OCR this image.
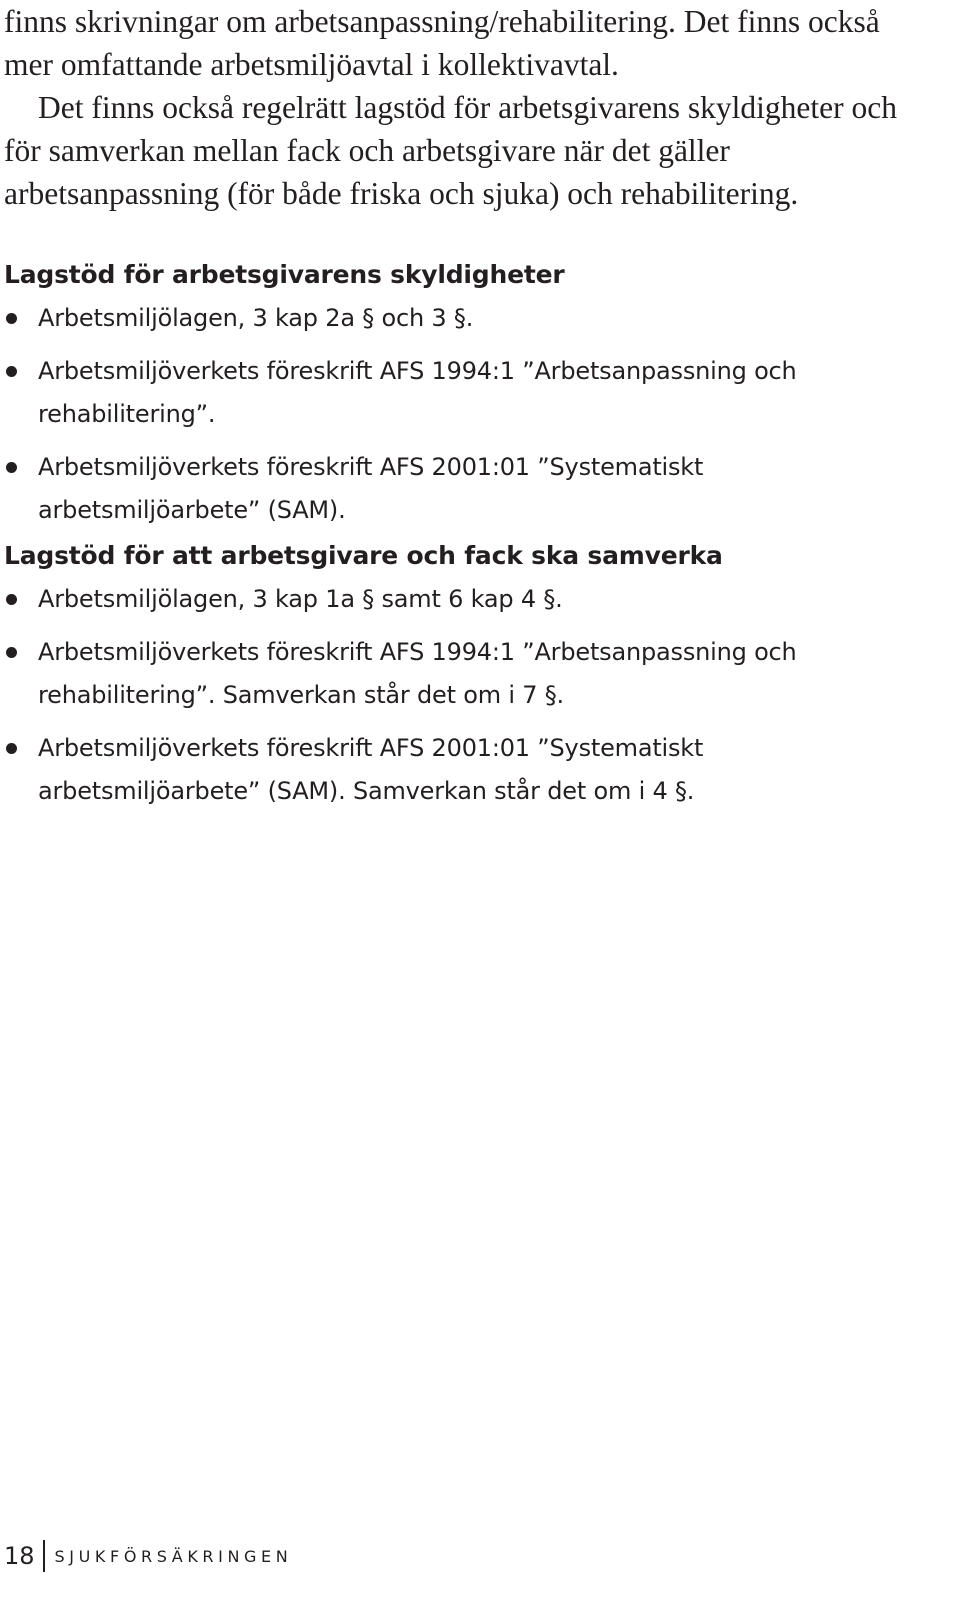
finns skrivningar om arbetsanpassning/rehabilitering. Det finns också mer omfattande arbetsmiljöavtal i kollektivavtal.

Det finns också regelrätt lagstöd för arbetsgivarens skyldigheter och för samverkan mellan fack och arbetsgivare när det gäller arbetsanpassning (för både friska och sjuka) och rehabilitering.

Lagstöd för arbetsgivarens skyldigheter
Arbetsmiljölagen, 3 kap 2a § och 3 §.
Arbetsmiljöverkets föreskrift AFS 1994:1 ”Arbetsanpassning och rehabilitering”.
Arbetsmiljöverkets föreskrift AFS 2001:01 ”Systematiskt arbetsmiljöarbete” (SAM).
Lagstöd för att arbetsgivare och fack ska samverka
Arbetsmiljölagen, 3 kap 1a § samt 6 kap 4 §.
Arbetsmiljöverkets föreskrift AFS 1994:1 ”Arbetsanpassning och rehabilitering”. Samverkan står det om i 7 §.
Arbetsmiljöverkets föreskrift AFS 2001:01 ”Systematiskt arbetsmiljöarbete” (SAM). Samverkan står det om i 4 §.
18	SJUKFÖRSÄKRINGEN
